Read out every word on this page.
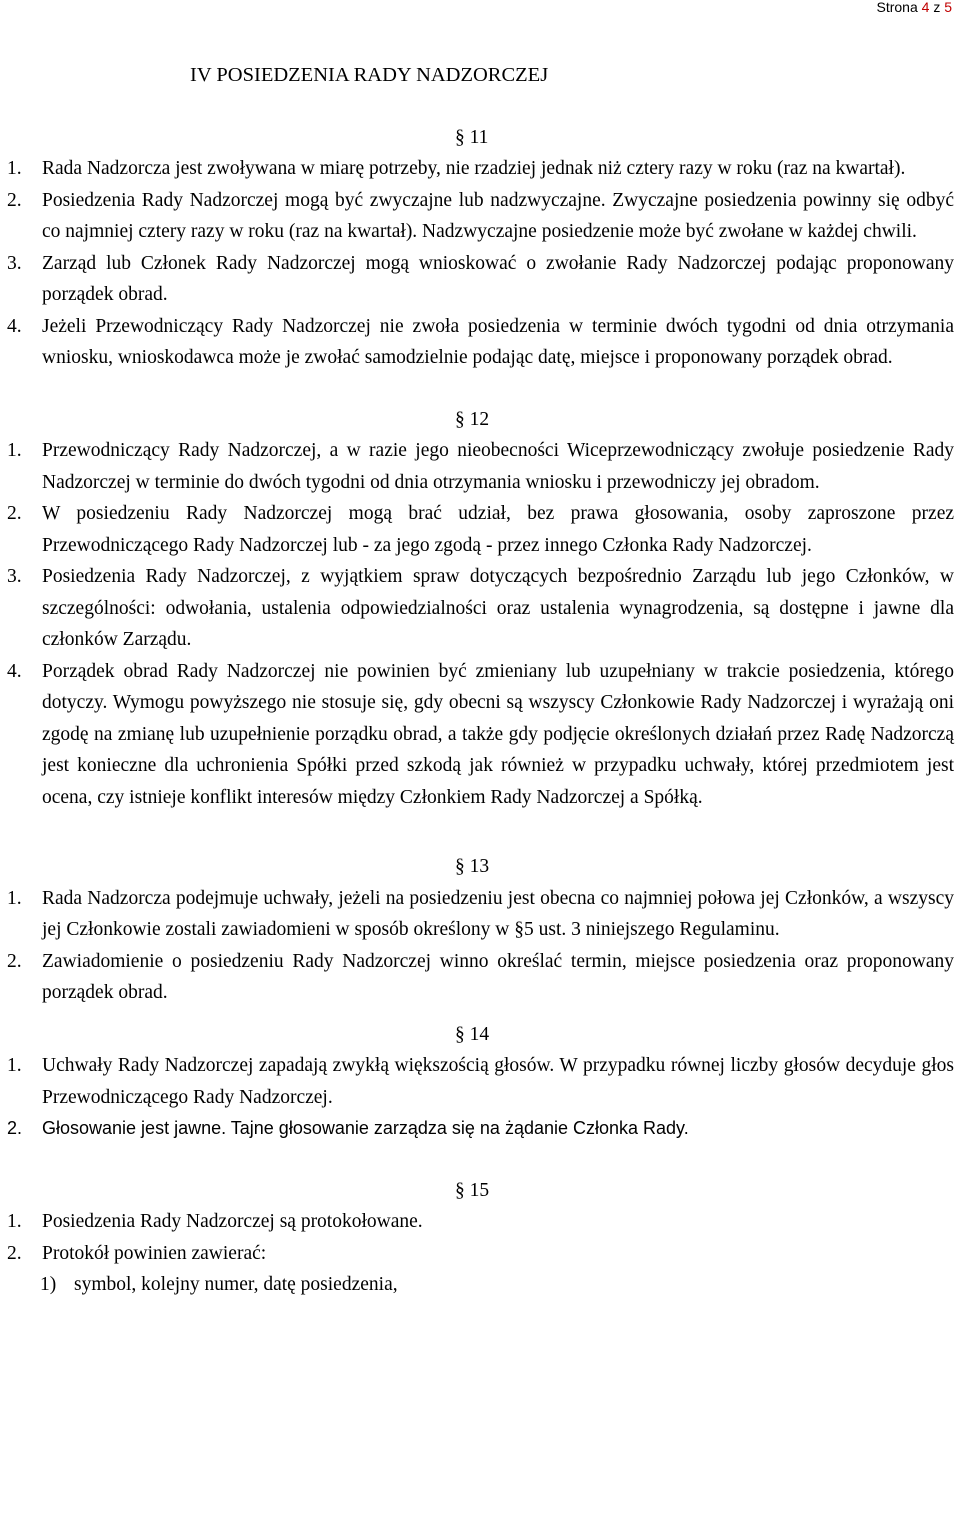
Strona 4 z 5
IV POSIEDZENIA RADY NADZORCZEJ
§ 11
1. Rada Nadzorcza jest zwoływana w miarę potrzeby, nie rzadziej jednak niż cztery razy w roku (raz na kwartał).
2. Posiedzenia Rady Nadzorczej mogą być zwyczajne lub nadzwyczajne. Zwyczajne posiedzenia powinny się odbyć co najmniej cztery razy w roku (raz na kwartał). Nadzwyczajne posiedzenie może być zwołane w każdej chwili.
3. Zarząd lub Członek Rady Nadzorczej mogą wnioskować o zwołanie Rady Nadzorczej podając proponowany porządek obrad.
4. Jeżeli Przewodniczący Rady Nadzorczej nie zwoła posiedzenia w terminie dwóch tygodni od dnia otrzymania wniosku, wnioskodawca może je zwołać samodzielnie podając datę, miejsce i proponowany porządek obrad.
§ 12
1. Przewodniczący Rady Nadzorczej, a w razie jego nieobecności Wiceprzewodniczący zwołuje posiedzenie Rady Nadzorczej w terminie do dwóch tygodni od dnia otrzymania wniosku i przewodniczy jej obradom.
2. W posiedzeniu Rady Nadzorczej mogą brać udział, bez prawa głosowania, osoby zaproszone przez Przewodniczącego Rady Nadzorczej lub - za jego zgodą - przez innego Członka Rady Nadzorczej.
3. Posiedzenia Rady Nadzorczej, z wyjątkiem spraw dotyczących bezpośrednio Zarządu lub jego Członków, w szczególności: odwołania, ustalenia odpowiedzialności oraz ustalenia wynagrodzenia, są dostępne i jawne dla członków Zarządu.
4. Porządek obrad Rady Nadzorczej nie powinien być zmieniany lub uzupełniany w trakcie posiedzenia, którego dotyczy. Wymogu powyższego nie stosuje się, gdy obecni są wszyscy Członkowie Rady Nadzorczej i wyrażają oni zgodę na zmianę lub uzupełnienie porządku obrad, a także gdy podjęcie określonych działań przez Radę Nadzorczą jest konieczne dla uchronienia Spółki przed szkodą jak również w przypadku uchwały, której przedmiotem jest ocena, czy istnieje konflikt interesów między Członkiem Rady Nadzorczej a Spółką.
§ 13
1. Rada Nadzorcza podejmuje uchwały, jeżeli na posiedzeniu jest obecna co najmniej połowa jej Członków, a wszyscy jej Członkowie zostali zawiadomieni w sposób określony w §5 ust. 3 niniejszego Regulaminu.
2. Zawiadomienie o posiedzeniu Rady Nadzorczej winno określać termin, miejsce posiedzenia oraz proponowany porządek obrad.
§ 14
1. Uchwały Rady Nadzorczej zapadają zwykłą większością głosów. W przypadku równej liczby głosów decyduje głos Przewodniczącego Rady Nadzorczej.
2. Głosowanie jest jawne. Tajne głosowanie zarządza się na żądanie Członka Rady.
§ 15
1. Posiedzenia Rady Nadzorczej są protokołowane.
2. Protokół powinien zawierać:
1) symbol, kolejny numer, datę posiedzenia,
